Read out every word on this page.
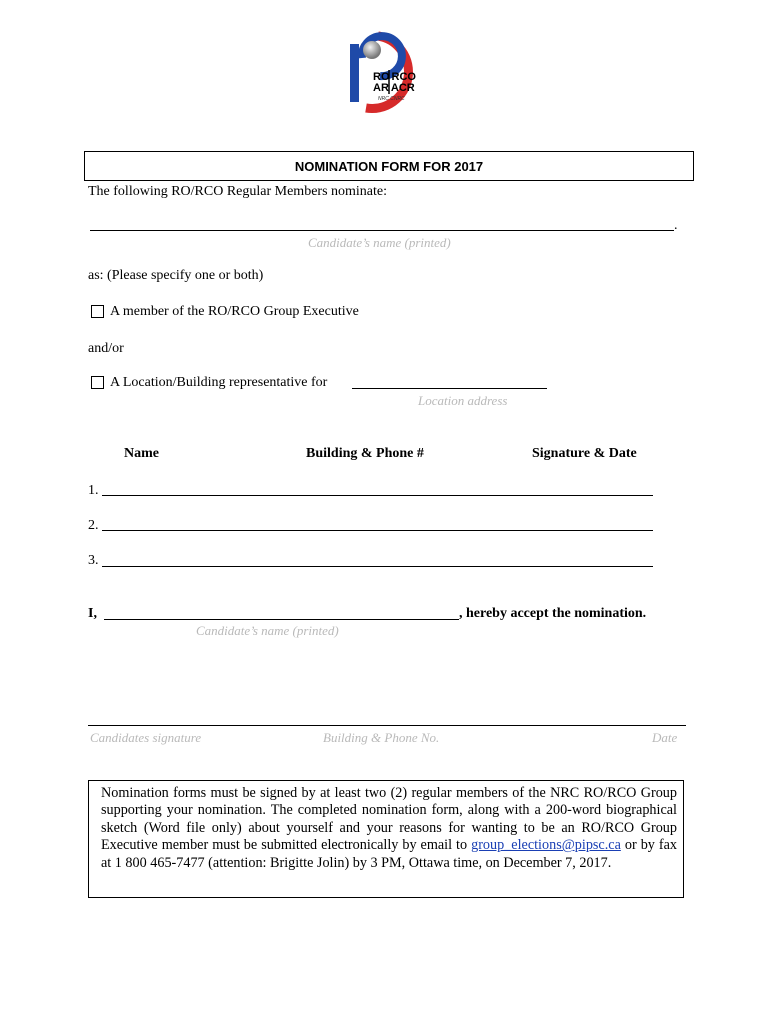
RO RCO
AR ACR
NRC CNRC
NOMINATION FORM FOR 2017
The following RO/RCO Regular Members nominate:
.
Candidate’s name (printed)
as: (Please specify one or both)
A member of the RO/RCO Group Executive
and/or
A Location/Building representative for
Location address
Name	Building & Phone #	Signature & Date
1.
2.
3.
I,	, hereby accept the nomination.
Candidate’s name (printed)
Candidates signature	Building & Phone No.	Date
Nomination forms must be signed by at least two (2) regular members of the NRC RO/RCO Group supporting your nomination. The completed nomination form, along with a 200-word biographical sketch (Word file only) about yourself and your reasons for wanting to be an RO/RCO Group Executive member must be submitted electronically by email to group_elections@pipsc.ca or by fax at 1 800 465-7477 (attention: Brigitte Jolin) by 3 PM, Ottawa time, on December 7, 2017.
